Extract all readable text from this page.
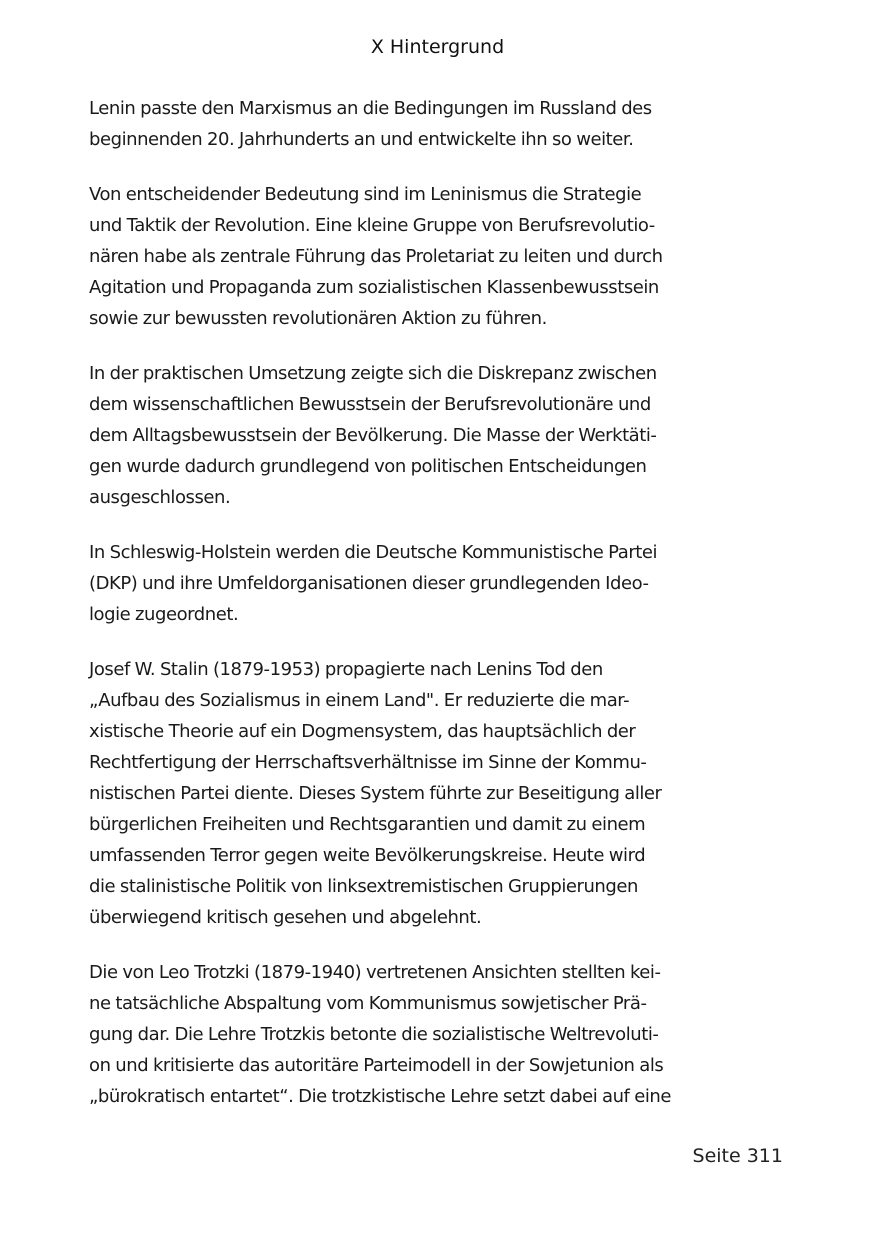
X Hintergrund

Lenin passte den Marxismus an die Bedingungen im Russland des
beginnenden 20. Jahrhunderts an und entwickelte ihn so weiter.

Von entscheidender Bedeutung sind im Leninismus die Strategie
und Taktik der Revolution. Eine kleine Gruppe von Berufsrevolutio-
nären habe als zentrale Führung das Proletariat zu leiten und durch
Agitation und Propaganda zum sozialistischen Klassenbewusstsein
sowie zur bewussten revolutionären Aktion zu führen.

In der praktischen Umsetzung zeigte sich die Diskrepanz zwischen
dem wissenschaftlichen Bewusstsein der Berufsrevolutionäre und
dem Alltagsbewusstsein der Bevölkerung. Die Masse der Werktäti-
gen wurde dadurch grundlegend von politischen Entscheidungen
ausgeschlossen.

In Schleswig-Holstein werden die Deutsche Kommunistische Partei
(DKP) und ihre Umfeldorganisationen dieser grundlegenden Ideo-
logie zugeordnet.

Josef W. Stalin (1879-1953) propagierte nach Lenins Tod den
„Aufbau des Sozialismus in einem Land". Er reduzierte die mar-
xistische Theorie auf ein Dogmensystem, das hauptsächlich der
Rechtfertigung der Herrschaftsverhältnisse im Sinne der Kommu-
nistischen Partei diente. Dieses System führte zur Beseitigung aller
bürgerlichen Freiheiten und Rechtsgarantien und damit zu einem
umfassenden Terror gegen weite Bevölkerungskreise. Heute wird
die stalinistische Politik von linksextremistischen Gruppierungen
überwiegend kritisch gesehen und abgelehnt.

Die von Leo Trotzki (1879-1940) vertretenen Ansichten stellten kei-
ne tatsächliche Abspaltung vom Kommunismus sowjetischer Prä-
gung dar. Die Lehre Trotzkis betonte die sozialistische Weltrevoluti-
on und kritisierte das autoritäre Parteimodell in der Sowjetunion als
„bürokratisch entartet“. Die trotzkistische Lehre setzt dabei auf eine

Seite 311
